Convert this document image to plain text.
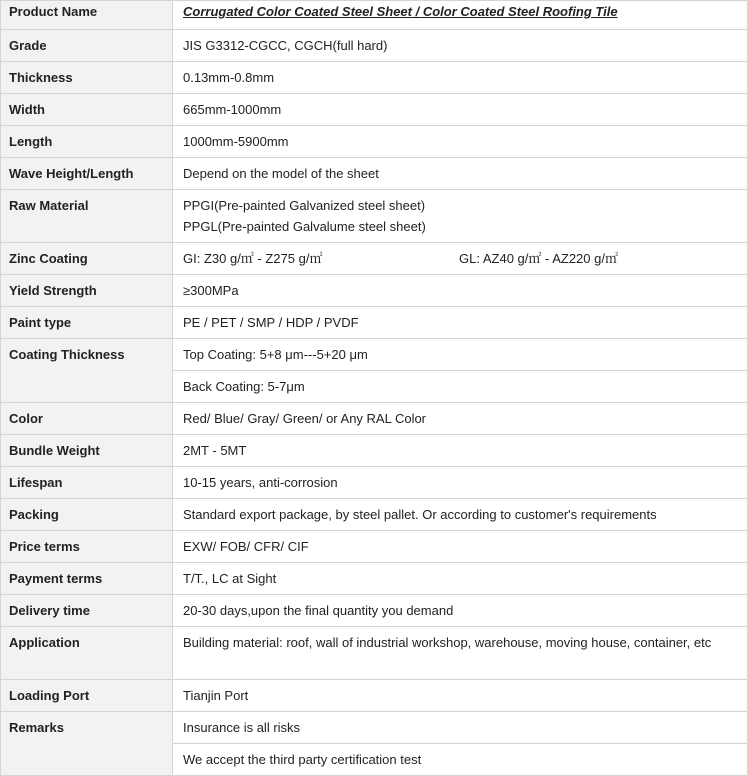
Product Name	Corrugated Color Coated Steel Sheet / Color Coated Steel Roofing Tile
Grade	JIS G3312-CGCC, CGCH(full hard)
Thickness	0.13mm-0.8mm
Width	665mm-1000mm
Length	1000mm-5900mm
Wave Height/Length	Depend on the model of the sheet
Raw Material	PPGI(Pre-painted Galvanized steel sheet)
PPGL(Pre-painted Galvalume steel sheet)

Zinc Coating	GI: Z30 g/㎡ - Z275 g/㎡ GL: AZ40 g/㎡ - AZ220 g/㎡
Yield Strength	≥300MPa
Paint type	PE / PET / SMP / HDP / PVDF
Coating Thickness	Top Coating: 5+8 μm---5+20 μm
	Back Coating: 5-7μm
Color	Red/ Blue/ Gray/ Green/ or Any RAL Color
Bundle Weight	2MT - 5MT
Lifespan	10-15 years, anti-corrosion
Packing	Standard export package, by steel pallet. Or according to customer's requirements
Price terms	EXW/ FOB/ CFR/ CIF
Payment terms	T/T., LC at Sight
Delivery time	20-30 days,upon the final quantity you demand
Application	Building material: roof, wall of industrial workshop, warehouse, moving house, container, etc
Loading Port	Tianjin Port
Remarks	Insurance is all risks
	We accept the third party certification test
